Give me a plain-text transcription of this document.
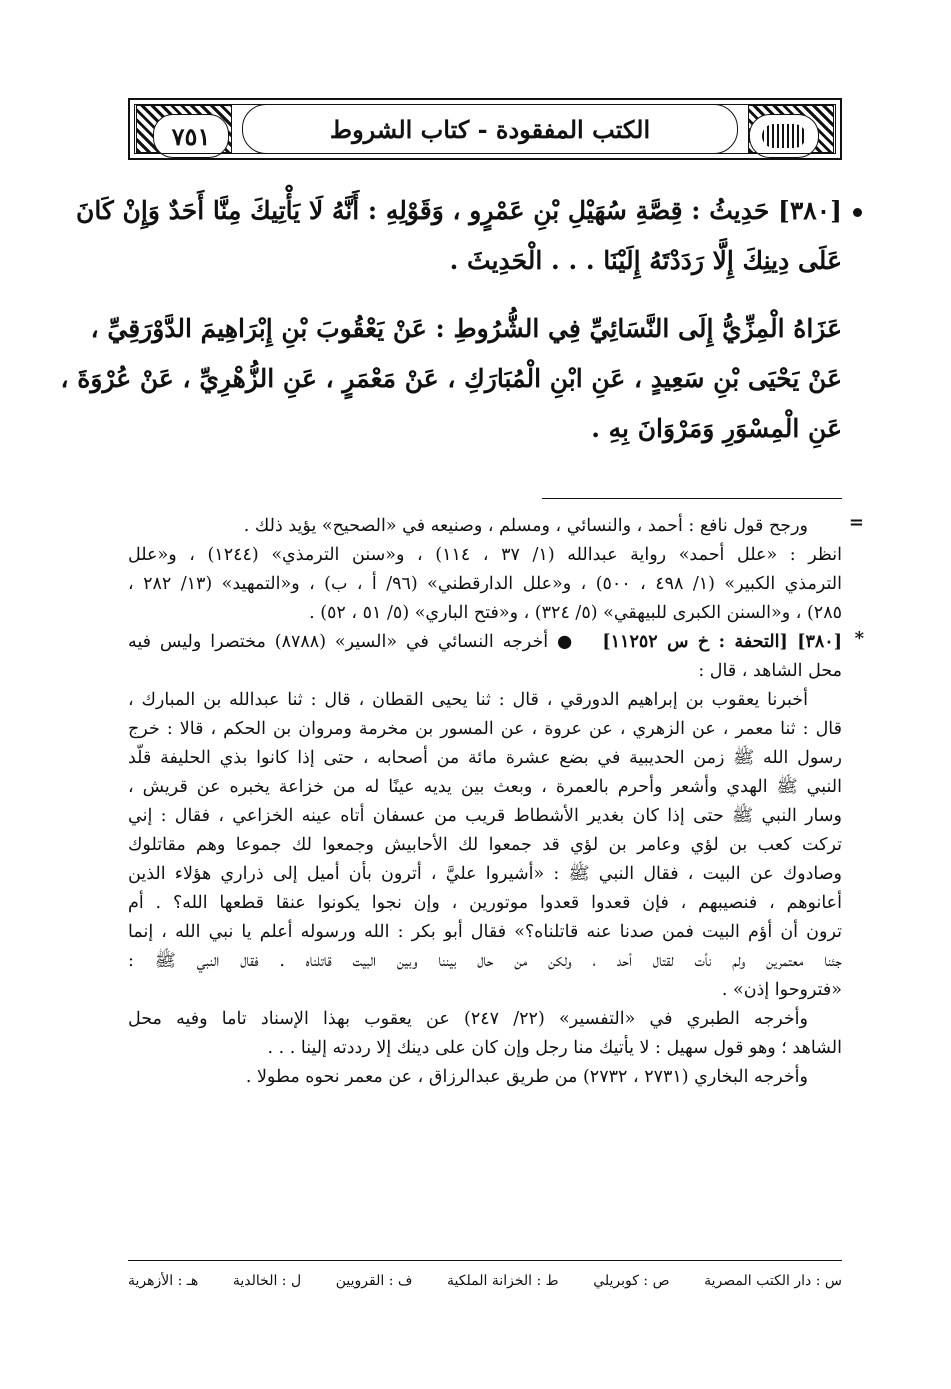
٧٥١	الكتب المفقودة - كتاب الشروط
[٣٨٠] حَدِيثُ : قِصَّةِ سُهَيْلِ بْنِ عَمْرٍو ، وَقَوْلِهِ : أَنَّهُ لَا يَأْتِيكَ مِنَّا أَحَدٌ وَإِنْ كَانَ
عَلَى دِينِكَ إِلَّا رَدَدْتَهُ إِلَيْنَا . . . الْحَدِيثَ .
عَزَاهُ الْمِزِّيُّ إِلَى النَّسَائِيِّ فِي الشُّرُوطِ : عَنْ يَعْقُوبَ بْنِ إِبْرَاهِيمَ الدَّوْرَقِيِّ ،
عَنْ يَحْيَى بْنِ سَعِيدٍ ، عَنِ ابْنِ الْمُبَارَكِ ، عَنْ مَعْمَرٍ ، عَنِ الزُّهْرِيِّ ، عَنْ عُرْوَةَ ،
عَنِ الْمِسْوَرِ وَمَرْوَانَ بِهِ .
=
ورجح قول نافع : أحمد ، والنسائي ، ومسلم ، وصنيعه في «الصحيح» يؤيد ذلك .
انظر : «علل أحمد» رواية عبدالله (١/ ٣٧ ، ١١٤) ، و«سنن الترمذي» (١٢٤٤) ، و«علل
الترمذي الكبير» (١/ ٤٩٨ ، ٥٠٠) ، و«علل الدارقطني» (٩٦/ أ ، ب) ، و«التمهيد» (١٣/ ٢٨٢ ،
٢٨٥) ، و«السنن الكبرى للبيهقي» (٥/ ٣٢٤) ، و«فتح الباري» (٥/ ٥١ ، ٥٢) .
*
[٣٨٠] [التحفة : خ س ١١٢٥٢]   ● أخرجه النسائي في «السير» (٨٧٨٨) مختصرا وليس فيه
محل الشاهد ، قال :
أخبرنا يعقوب بن إبراهيم الدورقي ، قال : ثنا يحيى القطان ، قال : ثنا عبدالله بن المبارك ،
قال : ثنا معمر ، عن الزهري ، عن عروة ، عن المسور بن مخرمة ومروان بن الحكم ، قالا : خرج
رسول الله ﷺ زمن الحديبية في بضع عشرة مائة من أصحابه ، حتى إذا كانوا بذي الحليفة قلّد
النبي ﷺ الهدي وأشعر وأحرم بالعمرة ، وبعث بين يديه عينًا له من خزاعة يخبره عن قريش ،
وسار النبي ﷺ حتى إذا كان بغدير الأشطاط قريب من عسفان أتاه عينه الخزاعي ، فقال : إني
تركت كعب بن لؤي وعامر بن لؤي قد جمعوا لك الأحابيش وجمعوا لك جموعا وهم مقاتلوك
وصادوك عن البيت ، فقال النبي ﷺ : «أشيروا عليَّ ، أترون بأن أميل إلى ذراري هؤلاء الذين
أعانوهم ، فنصيبهم ، فإن قعدوا قعدوا موتورين ، وإن نجوا يكونوا عنقا قطعها الله؟ . أم
ترون أن أؤم البيت فمن صدنا عنه قاتلناه؟» فقال أبو بكر : الله ورسوله أعلم يا نبي الله ، إنما
جئنا معتمرين ولم نأت لقتال أحد ، ولكن من حال بيننا وبين البيت قاتلناه . فقال النبي ﷺ :
«فتروحوا إذن» .
وأخرجه الطبري في «التفسير» (٢٢/ ٢٤٧) عن يعقوب بهذا الإسناد تاما وفيه محل
الشاهد ؛ وهو قول سهيل : لا يأتيك منا رجل وإن كان على دينك إلا رددته إلينا . . .
وأخرجه البخاري (٢٧٣١ ، ٢٧٣٢) من طريق عبدالرزاق ، عن معمر نحوه مطولا .
س : دار الكتب المصرية
ص : كوبريلي
ط : الخزانة الملكية
ف : القرويين
ل : الخالدية
هـ : الأزهرية
